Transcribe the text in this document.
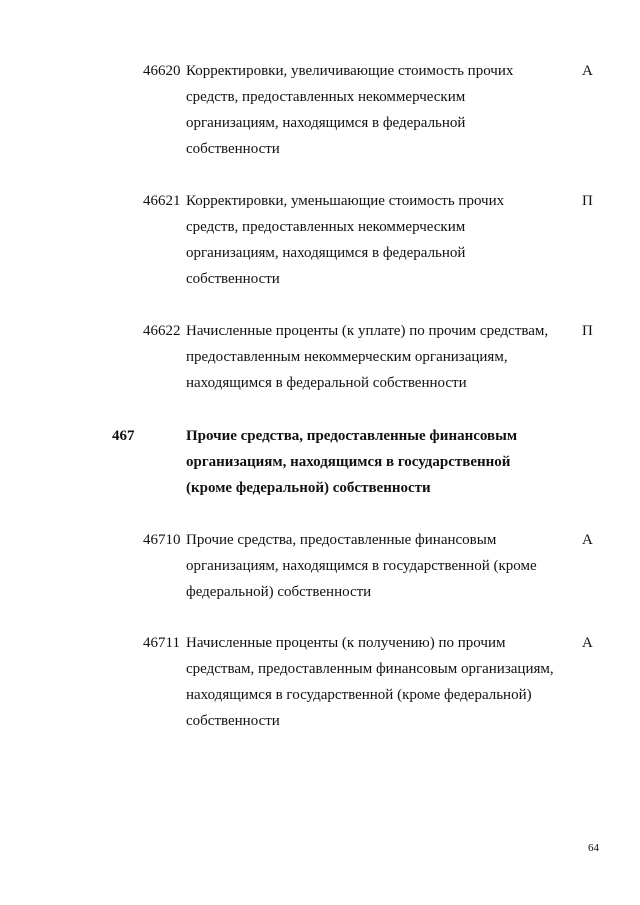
46620 Корректировки, увеличивающие стоимость прочих
средств, предоставленных некоммерческим
организациям, находящимся в федеральной
собственности
А
46621 Корректировки, уменьшающие стоимость прочих
средств, предоставленных некоммерческим
организациям, находящимся в федеральной
собственности
П
46622 Начисленные проценты (к уплате) по прочим средствам,
предоставленным некоммерческим организациям,
находящимся в федеральной собственности
П
467	Прочие средства, предоставленные финансовым
организациям, находящимся в государственной
(кроме федеральной) собственности
46710 Прочие средства, предоставленные финансовым
организациям, находящимся в государственной (кроме
федеральной) собственности
А
46711 Начисленные проценты (к получению) по прочим
средствам, предоставленным финансовым организациям,
находящимся в государственной (кроме федеральной)
собственности
А
64
